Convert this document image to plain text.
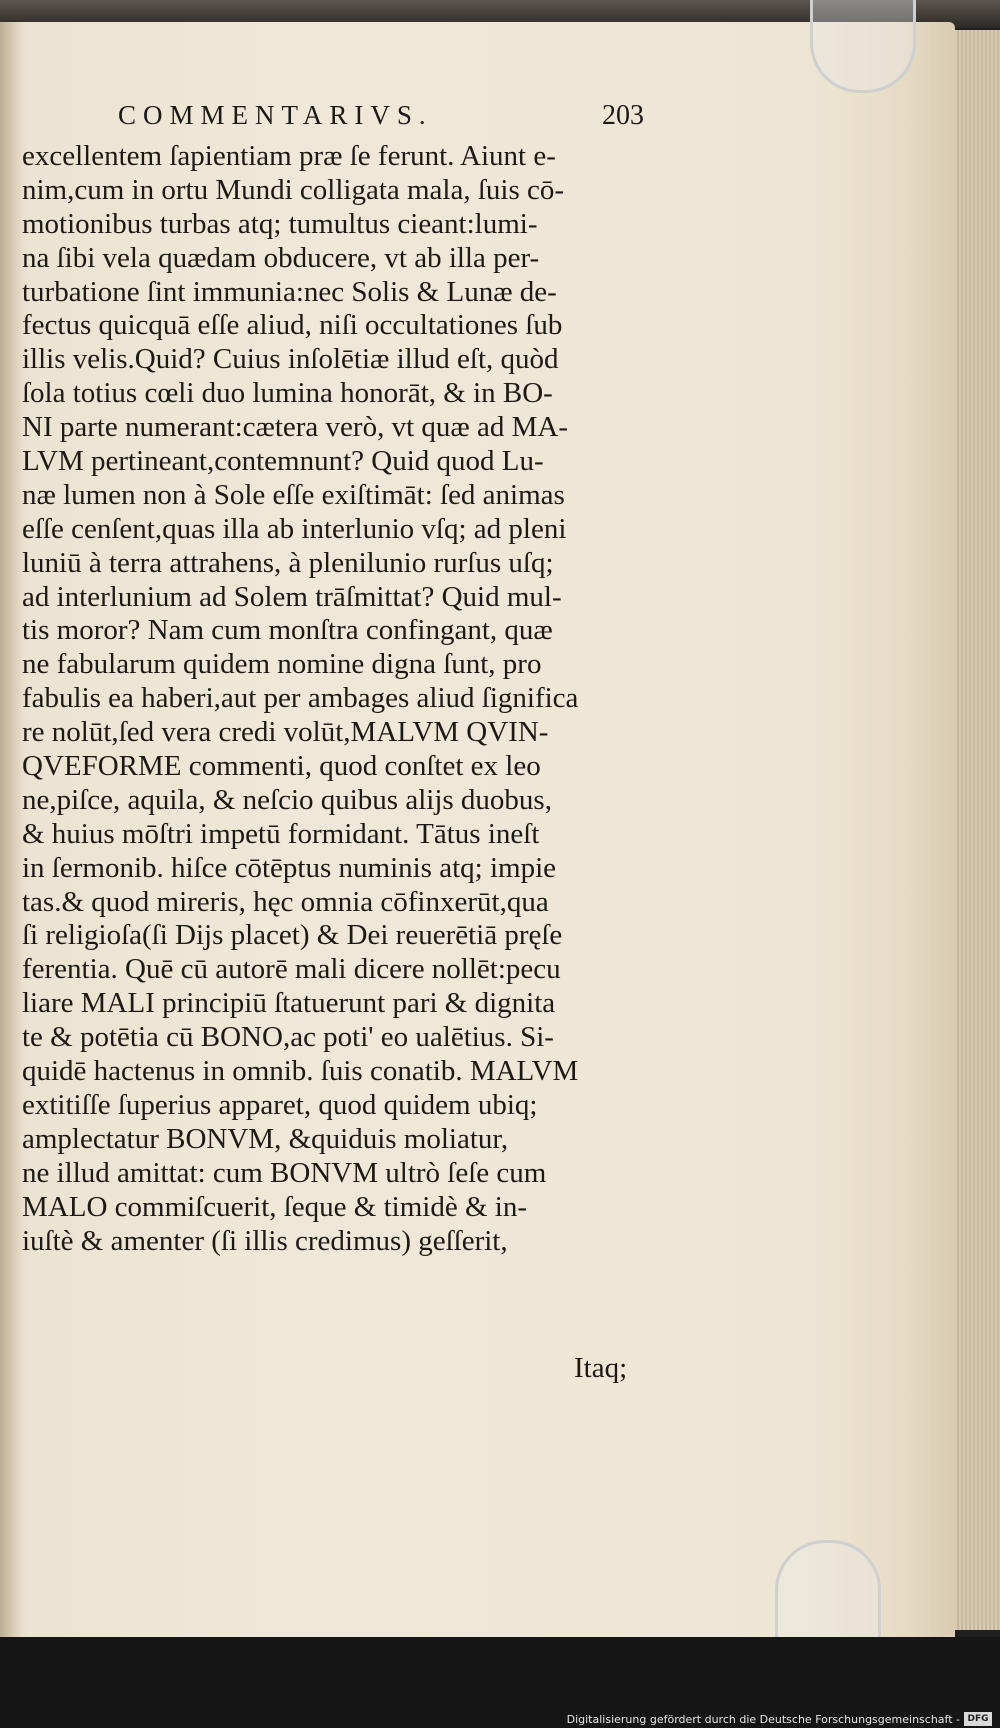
COMMENTARIVS.	203
excellentem ſapientiam præ ſe ferunt. Aiunt e-
nim,cum in ortu Mundi colligata mala, ſuis cō-
motionibus turbas atq; tumultus cieant:lumi-
na ſibi vela quædam obducere, vt ab illa per-
turbatione ſint immunia:nec Solis & Lunæ de-
fectus quicquā eſſe aliud, niſi occultationes ſub
illis velis.Quid? Cuius inſolētiæ illud eſt, quòd
ſola totius cœli duo lumina honorāt, & in BO-
NI parte numerant:cætera verò, vt quæ ad MA-
LVM pertineant,contemnunt? Quid quod Lu-
næ lumen non à Sole eſſe exiſtimāt: ſed animas
eſſe cenſent,quas illa ab interlunio vſq; ad pleni
luniū à terra attrahens, à plenilunio rurſus uſq;
ad interlunium ad Solem trāſmittat? Quid mul-
tis moror? Nam cum monſtra confingant, quæ
ne fabularum quidem nomine digna ſunt, pro
fabulis ea haberi,aut per ambages aliud ſignifica
re nolūt,ſed vera credi volūt,MALVM QVIN-
QVEFORME commenti, quod conſtet ex leo
ne,piſce, aquila, & neſcio quibus alijs duobus,
& huius mōſtri impetū formidant. Tātus ineſt
in ſermonib. hiſce cōtēptus numinis atq; impie
tas.& quod mireris, hęc omnia cōfinxerūt,qua
ſi religioſa(ſi Dijs placet) & Dei reuerētiā pręſe
ferentia. Quē cū autorē mali dicere nollēt:pecu
liare MALI principiū ſtatuerunt pari & dignita
te & potētia cū BONO,ac poti' eo ualētius. Si-
quidē hactenus in omnib. ſuis conatib. MALVM
extitiſſe ſuperius apparet, quod quidem ubiq;
amplectatur BONVM, &quiduis moliatur,
ne illud amittat: cum BONVM ultrò ſeſe cum
MALO commiſcuerit, ſeque & timidè & in-
iuſtè & amenter (ſi illis credimus) geſſerit,
Itaq;
Digitalisierung gefördert durch die Deutsche Forschungsgemeinschaft - DFG
